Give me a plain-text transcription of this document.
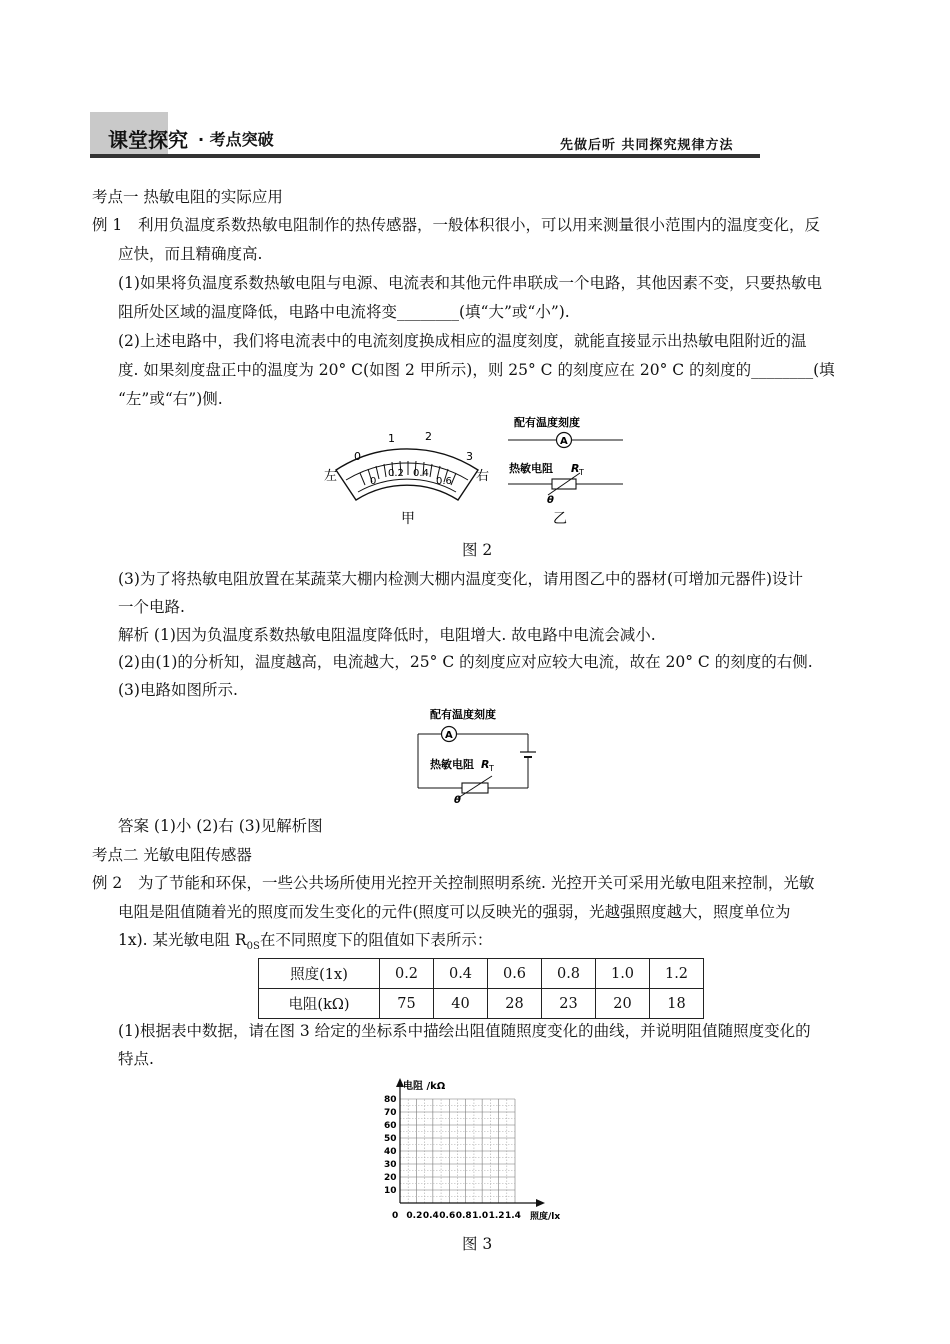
课堂探究 · 考点突破	先做后听 共同探究规律方法
考点一 热敏电阻的实际应用
例 1 利用负温度系数热敏电阻制作的热传感器，一般体积很小，可以用来测量很小范围内的温度变化，反
应快，而且精确度高.
(1)如果将负温度系数热敏电阻与电源、电流表和其他元件串联成一个电路，其他因素不变，只要热敏电
阻所处区域的温度降低，电路中电流将变________(填“大”或“小”).
(2)上述电路中，我们将电流表中的电流刻度换成相应的温度刻度，就能直接显示出热敏电阻附近的温
度. 如果刻度盘正中的温度为 20° C(如图 2 甲所示)，则 25° C 的刻度应在 20° C 的刻度的________(填
“左”或“右”)侧.
0
1	2
3
0
0.2 0.4
0.6
左	右
甲
配有温度刻度
A
热敏电阻 R T
θ
乙
图 2
(3)为了将热敏电阻放置在某蔬菜大棚内检测大棚内温度变化，请用图乙中的器材(可增加元器件)设计
一个电路.
解析 (1)因为负温度系数热敏电阻温度降低时，电阻增大. 故电路中电流会减小.
(2)由(1)的分析知，温度越高，电流越大，25° C 的刻度应对应较大电流，故在 20° C 的刻度的右侧.
(3)电路如图所示.
配有温度刻度
A
热敏电阻 R T
θ
答案 (1)小 (2)右 (3)见解析图
考点二 光敏电阻传感器
例 2 为了节能和环保，一些公共场所使用光控开关控制照明系统. 光控开关可采用光敏电阻来控制，光敏
电阻是阻值随着光的照度而发生变化的元件(照度可以反映光的强弱，光越强照度越大，照度单位为
1x). 某光敏电阻 $R_{0S}$在不同照度下的阻值如下表所示：
照度(1x)	0.2	0.4	0.6	0.8	1.0	1.2
电阻(kΩ)	75	40	28	23	20	18
(1)根据表中数据，请在图 3 给定的坐标系中描绘出阻值随照度变化的曲线，并说明阻值随照度变化的
特点.
电阻 /kΩ
照度/lx
10
20
30
40
50
60
70
80
0 0.2 0.4 0.6 0.8 1.0 1.2 1.4
图 3
